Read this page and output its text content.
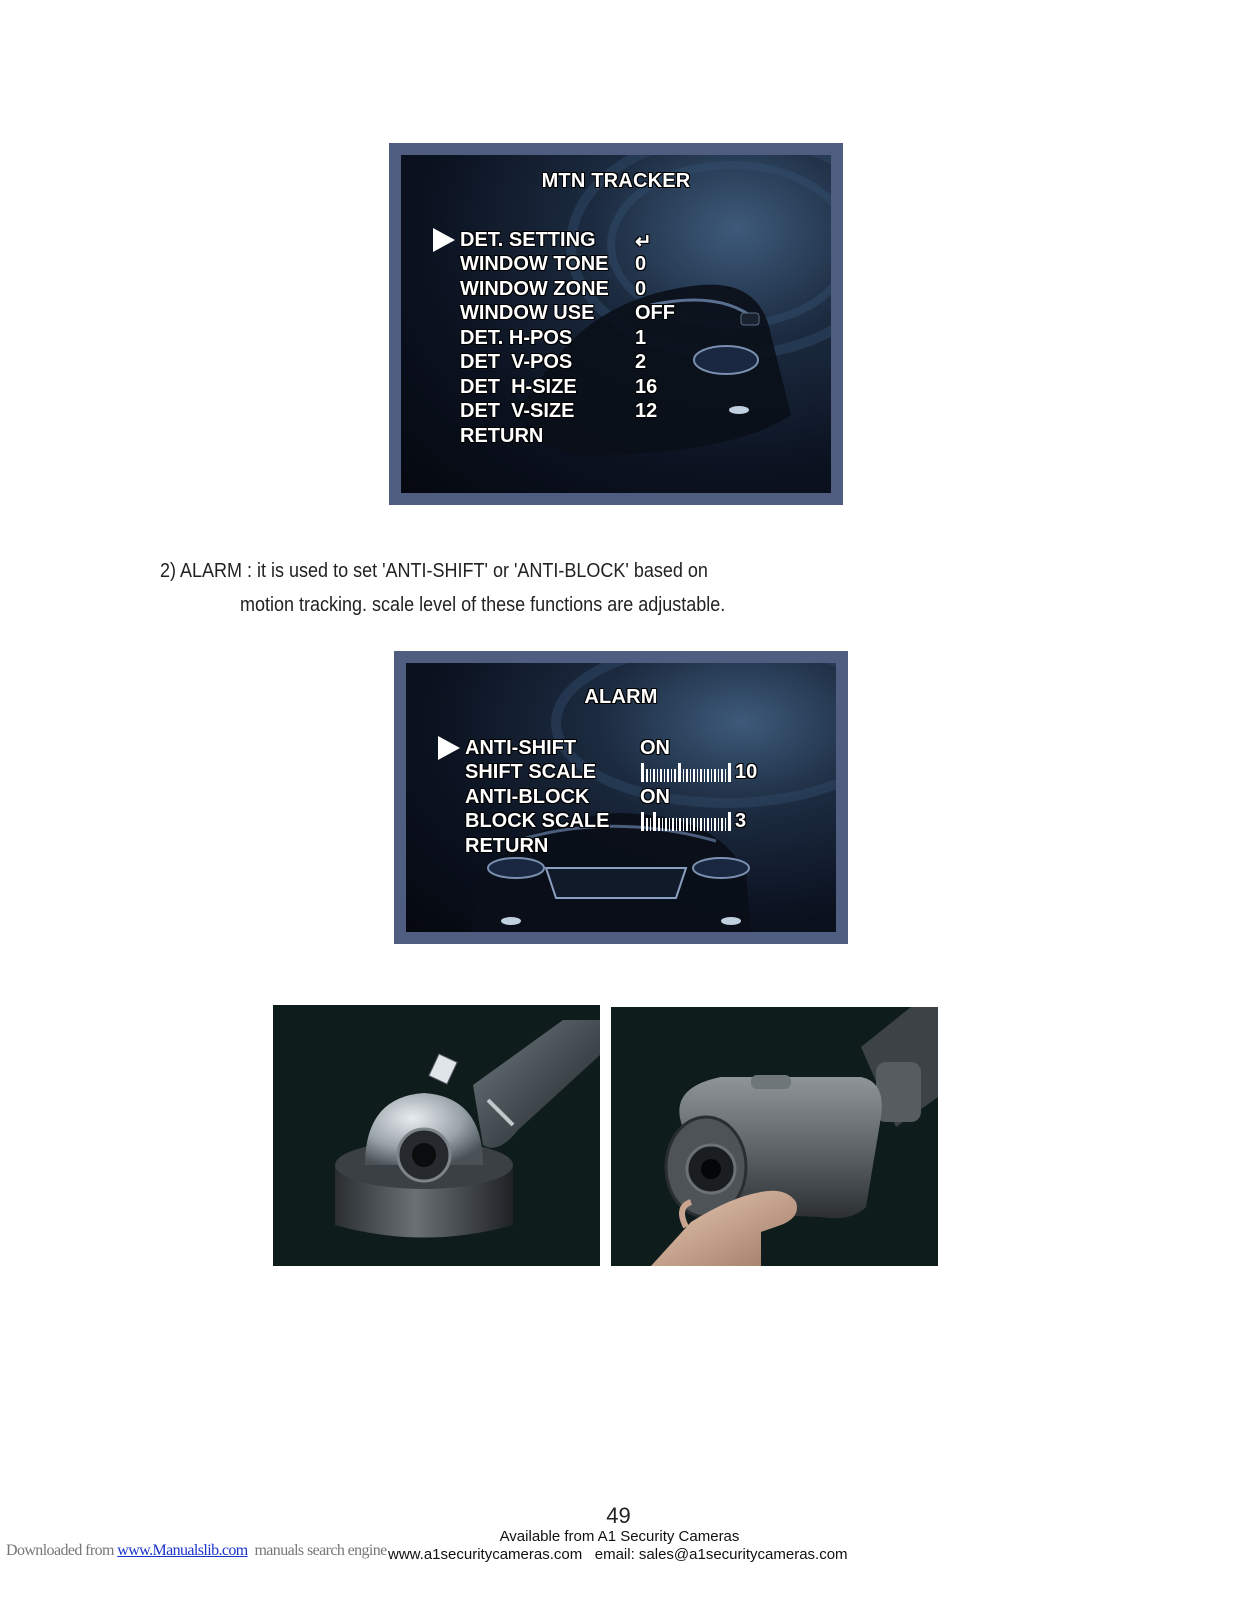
MTN TRACKER
DET. SETTING ↵
WINDOW TONE 0
WINDOW ZONE 0
WINDOW USE OFF
DET. H-POS	1
DET  V-POS	2
DET  H-SIZE	16
DET  V-SIZE	12
RETURN
2) ALARM : it is used to set 'ANTI-SHIFT' or 'ANTI-BLOCK' based on
motion tracking. scale level of these functions are adjustable.
ALARM
ANTI-SHIFT	ON
SHIFT SCALE	10
ANTI-BLOCK	ON
BLOCK SCALE	3
RETURN
49
Available from A1 Security Cameras
www.a1securitycameras.com   email: sales@a1securitycameras.com
Downloaded from www.Manualslib.com  manuals search engine
